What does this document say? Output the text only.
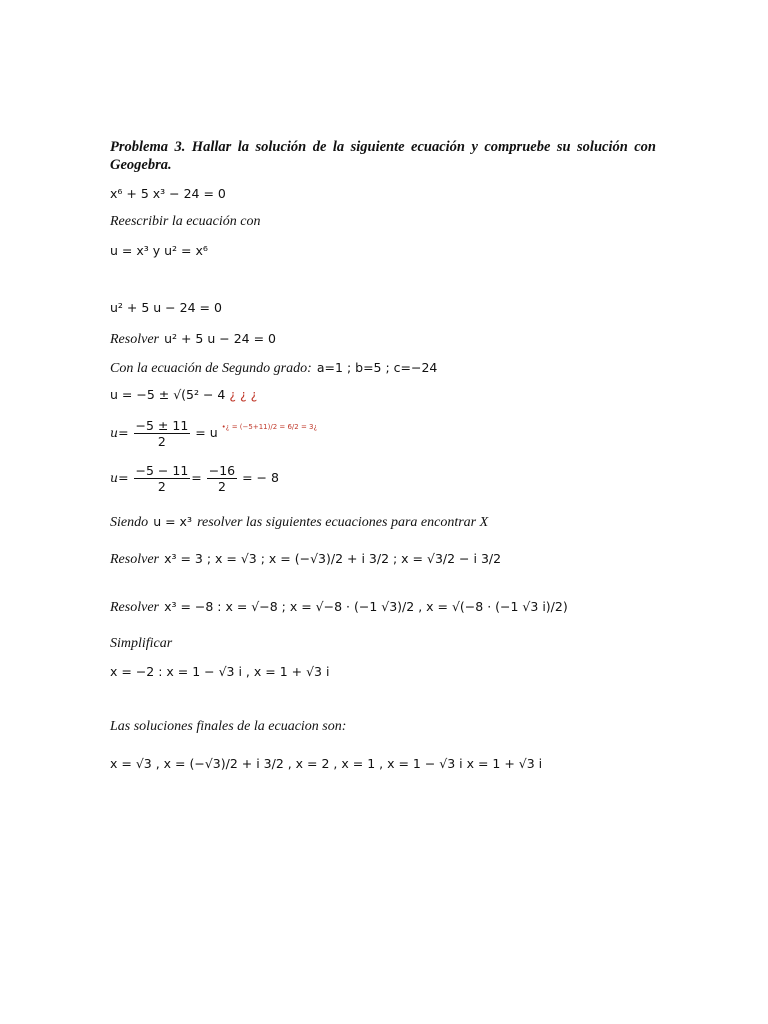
Problema 3. Hallar la solución de la siguiente ecuación y compruebe su solución con Geogebra.
x⁶ + 5 x³ − 24 = 0
Reescribir la ecuación con
u = x³ y u² = x⁶
u² + 5 u − 24 = 0
Resolver u² + 5 u − 24 = 0
Con la ecuación de Segundo grado: a=1 ; b=5 ; c=−24
u = −5 ± √(5² − 4 ¿ ¿ ¿
$u= \frac{-5 \pm 11}{2} = u$ $^{•¿ = (-5+11)/2 = 6/2 = 3¿}$
$u= \frac{-5 - 11}{2} = \frac{-16}{2}$ = − 8
Siendo u = x³ resolver las siguientes ecuaciones para encontrar X
Resolver x³ = 3 ; x = √3 ; x = (−√3)/2 + i 3/2 ; x = √3/2 − i 3/2
Resolver x³ = −8 : x = √−8 ; x = √−8 · (−1 √3)/2 , x = √(−8 · (−1 √3 i)/2)
Simplificar
x = −2 : x = 1 − √3 i , x = 1 + √3 i
Las soluciones finales de la ecuacion son:
x = √3 , x = (−√3)/2 + i 3/2 , x = 2 , x = 1 , x = 1 − √3 i x = 1 + √3 i
